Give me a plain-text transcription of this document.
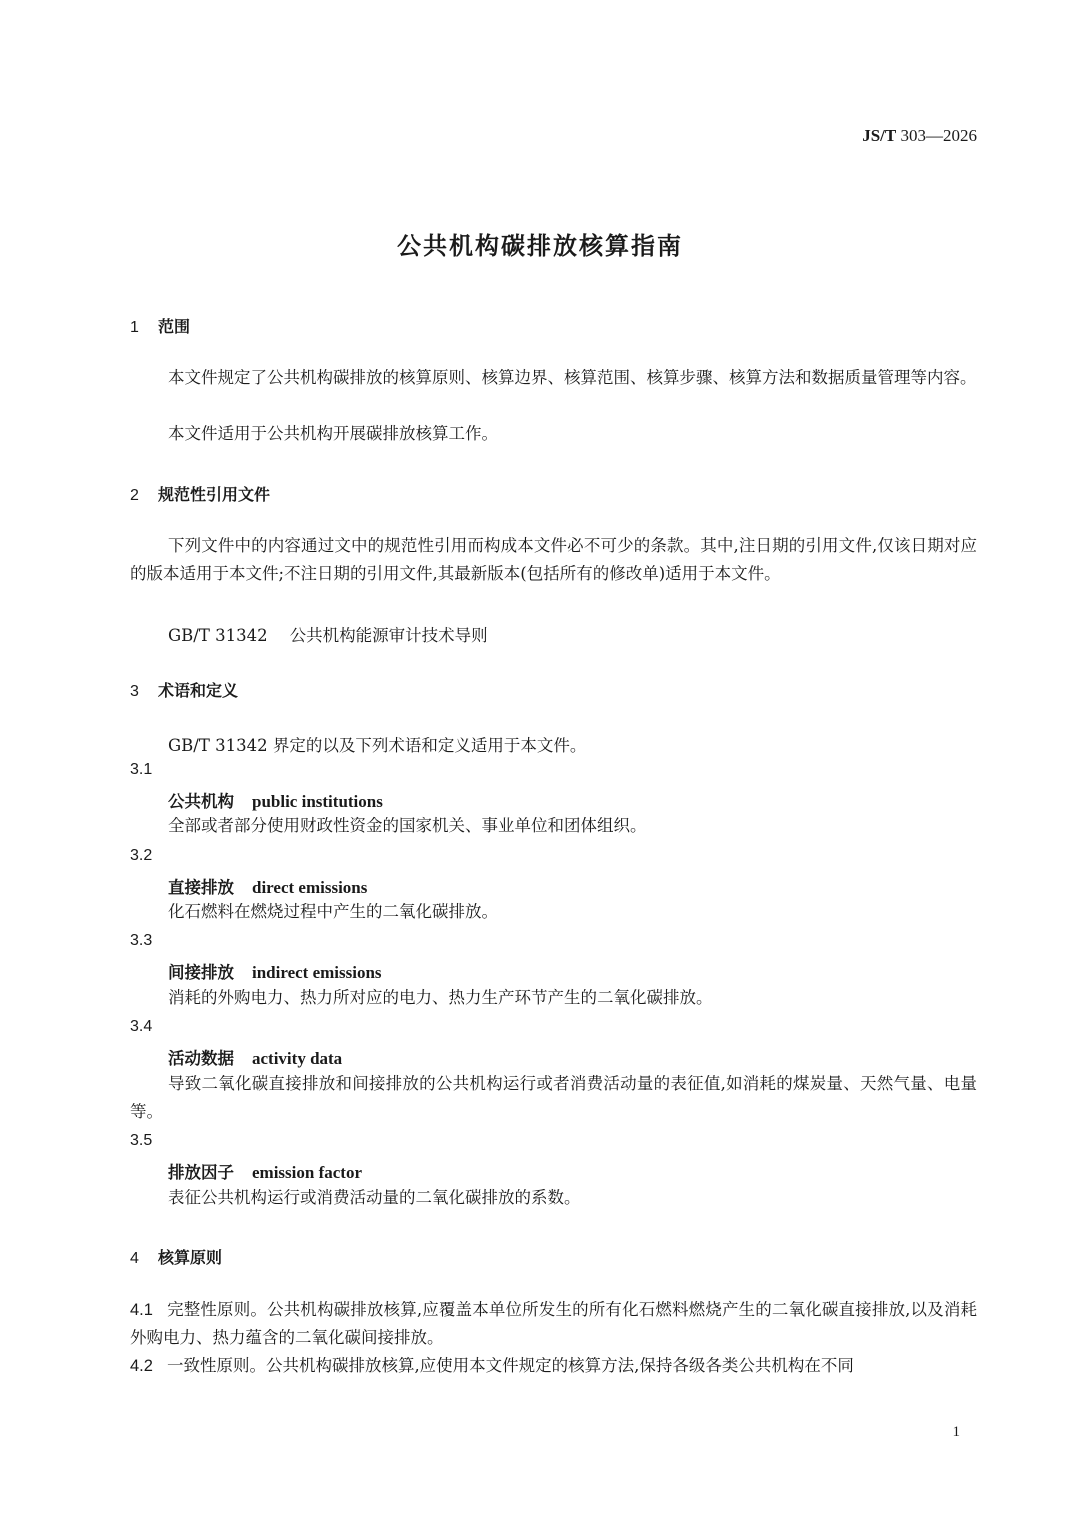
JS/T 303—2026
公共机构碳排放核算指南
1 范围
本文件规定了公共机构碳排放的核算原则、核算边界、核算范围、核算步骤、核算方法和数据质量管理等内容。
本文件适用于公共机构开展碳排放核算工作。
2 规范性引用文件
下列文件中的内容通过文中的规范性引用而构成本文件必不可少的条款。其中,注日期的引用文件,仅该日期对应的版本适用于本文件;不注日期的引用文件,其最新版本(包括所有的修改单)适用于本文件。
GB/T 31342 公共机构能源审计技术导则
3 术语和定义
GB/T 31342 界定的以及下列术语和定义适用于本文件。
3.1
公共机构 public institutions
全部或者部分使用财政性资金的国家机关、事业单位和团体组织。
3.2
直接排放 direct emissions
化石燃料在燃烧过程中产生的二氧化碳排放。
3.3
间接排放 indirect emissions
消耗的外购电力、热力所对应的电力、热力生产环节产生的二氧化碳排放。
3.4
活动数据 activity data
导致二氧化碳直接排放和间接排放的公共机构运行或者消费活动量的表征值,如消耗的煤炭量、天然气量、电量等。
3.5
排放因子 emission factor
表征公共机构运行或消费活动量的二氧化碳排放的系数。
4 核算原则
4.1 完整性原则。公共机构碳排放核算,应覆盖本单位所发生的所有化石燃料燃烧产生的二氧化碳直接排放,以及消耗外购电力、热力蕴含的二氧化碳间接排放。
4.2 一致性原则。公共机构碳排放核算,应使用本文件规定的核算方法,保持各级各类公共机构在不同
1
